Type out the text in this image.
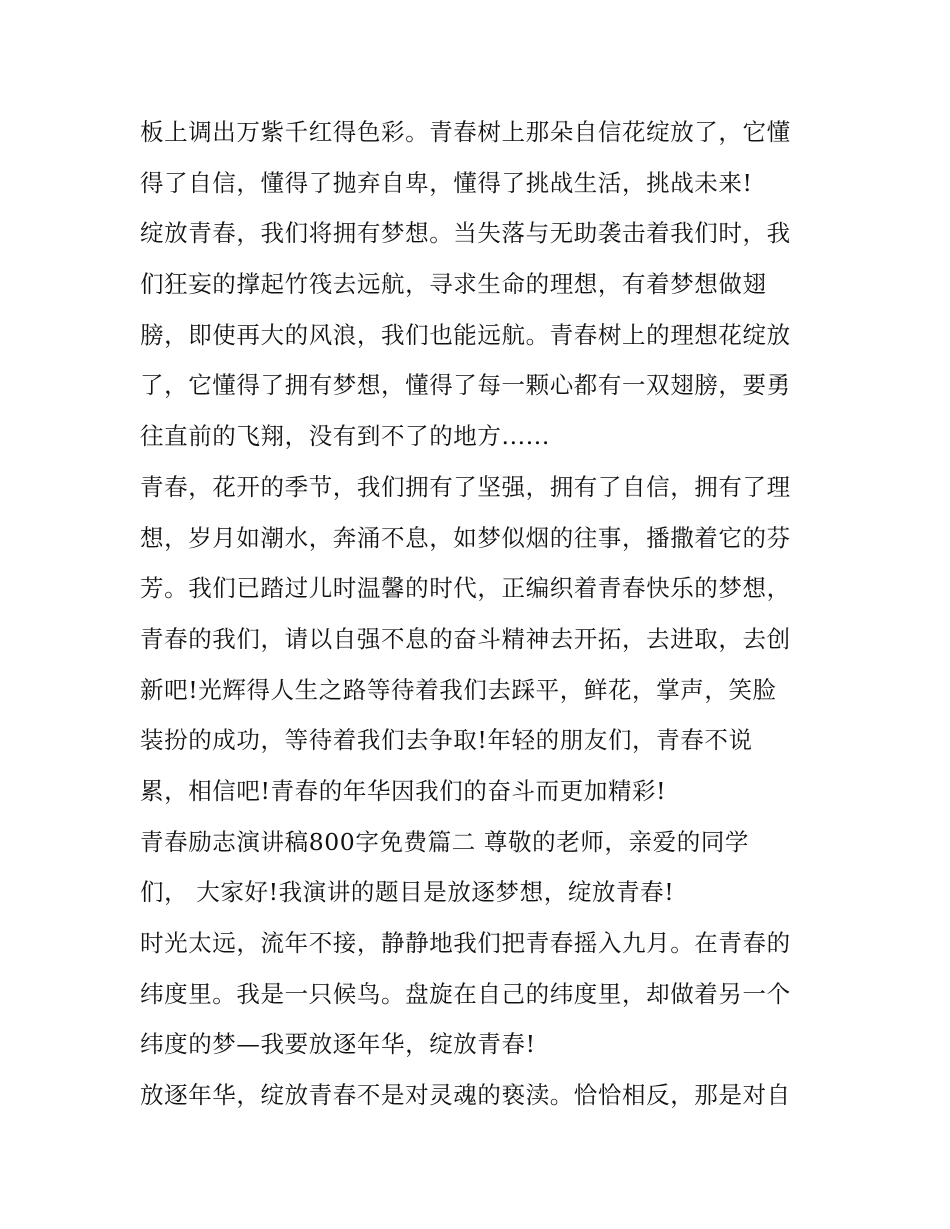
板上调出万紫千红得色彩。青春树上那朵自信花绽放了，它懂
得了自信，懂得了抛弃自卑，懂得了挑战生活，挑战未来!
绽放青春，我们将拥有梦想。当失落与无助袭击着我们时，我
们狂妄的撑起竹筏去远航，寻求生命的理想，有着梦想做翅
膀，即使再大的风浪，我们也能远航。青春树上的理想花绽放
了，它懂得了拥有梦想，懂得了每一颗心都有一双翅膀，要勇
往直前的飞翔，没有到不了的地方......
青春，花开的季节，我们拥有了坚强，拥有了自信，拥有了理
想，岁月如潮水，奔涌不息，如梦似烟的往事，播撒着它的芬
芳。我们已踏过儿时温馨的时代，正编织着青春快乐的梦想，
青春的我们，请以自强不息的奋斗精神去开拓，去进取，去创
新吧!光辉得人生之路等待着我们去踩平，鲜花，掌声，笑脸
装扮的成功，等待着我们去争取!年轻的朋友们，青春不说
累，相信吧!青春的年华因我们的奋斗而更加精彩!
青春励志演讲稿800字免费篇二 尊敬的老师，亲爱的同学
们， 大家好!我演讲的题目是放逐梦想，绽放青春!
时光太远，流年不接，静静地我们把青春摇入九月。在青春的
纬度里。我是一只候鸟。盘旋在自己的纬度里，却做着另一个
纬度的梦—我要放逐年华，绽放青春!
放逐年华，绽放青春不是对灵魂的亵渎。恰恰相反，那是对自
